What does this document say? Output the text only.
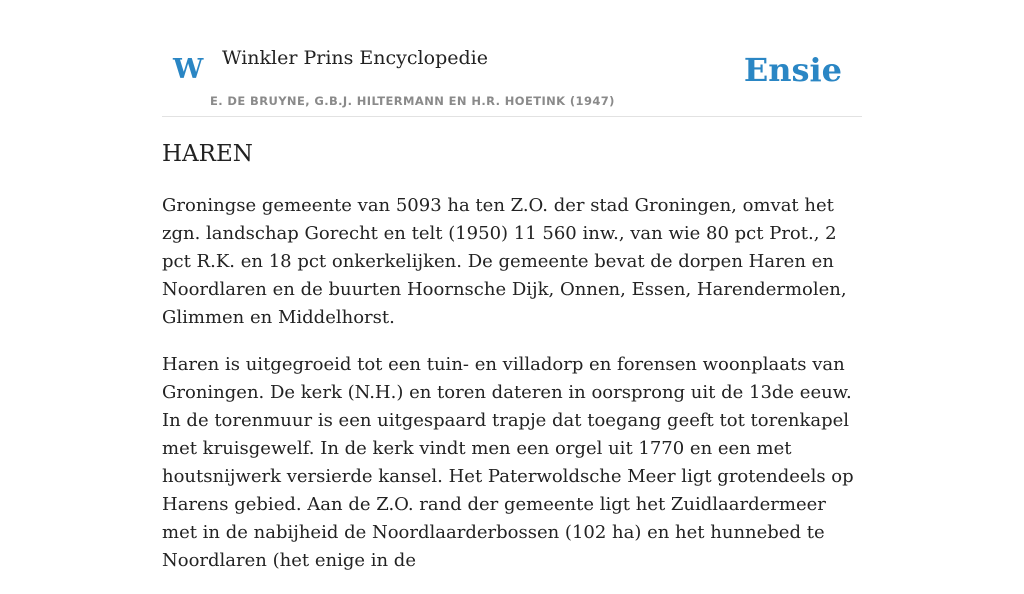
W Winkler Prins Encyclopedie
E. DE BRUYNE, G.B.J. HILTERMANN EN H.R. HOETINK (1947)
Ensie
HAREN

Groningse gemeente van 5093 ha ten Z.O. der stad Groningen, omvat het zgn. landschap Gorecht en telt (1950) 11 560 inw., van wie 80 pct Prot., 2 pct R.K. en 18 pct onkerkelijken. De gemeente bevat de dorpen Haren en Noordlaren en de buurten Hoornsche Dijk, Onnen, Essen, Harendermolen, Glimmen en Middelhorst.

Haren is uitgegroeid tot een tuin- en villadorp en forensen woonplaats van Groningen. De kerk (N.H.) en toren dateren in oorsprong uit de 13de eeuw. In de torenmuur is een uitgespaard trapje dat toegang geeft tot torenkapel met kruisgewelf. In de kerk vindt men een orgel uit 1770 en een met houtsnijwerk versierde kansel. Het Paterwoldsche Meer ligt grotendeels op Harens gebied. Aan de Z.O. rand der gemeente ligt het Zuidlaardermeer met in de nabijheid de Noordlaarderbossen (102 ha) en het hunnebed te Noordlaren (het enige in de
